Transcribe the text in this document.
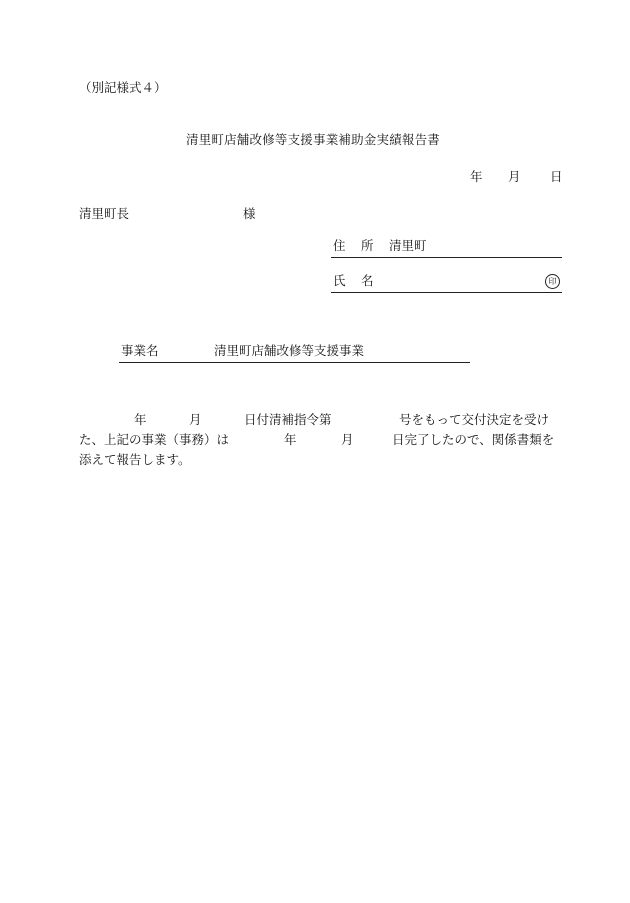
（別記様式４）
清里町店舗改修等支援事業補助金実績報告書
年 月 日
清里町長	様
住 所 清里町
氏 名	印
事業名	清里町店舗改修等支援事業
年	月	日付清補指令第	号をもって交付決定を受け
た、上記の事業（事務）は	年	月	日完了したので、関係書類を
添えて報告します。
